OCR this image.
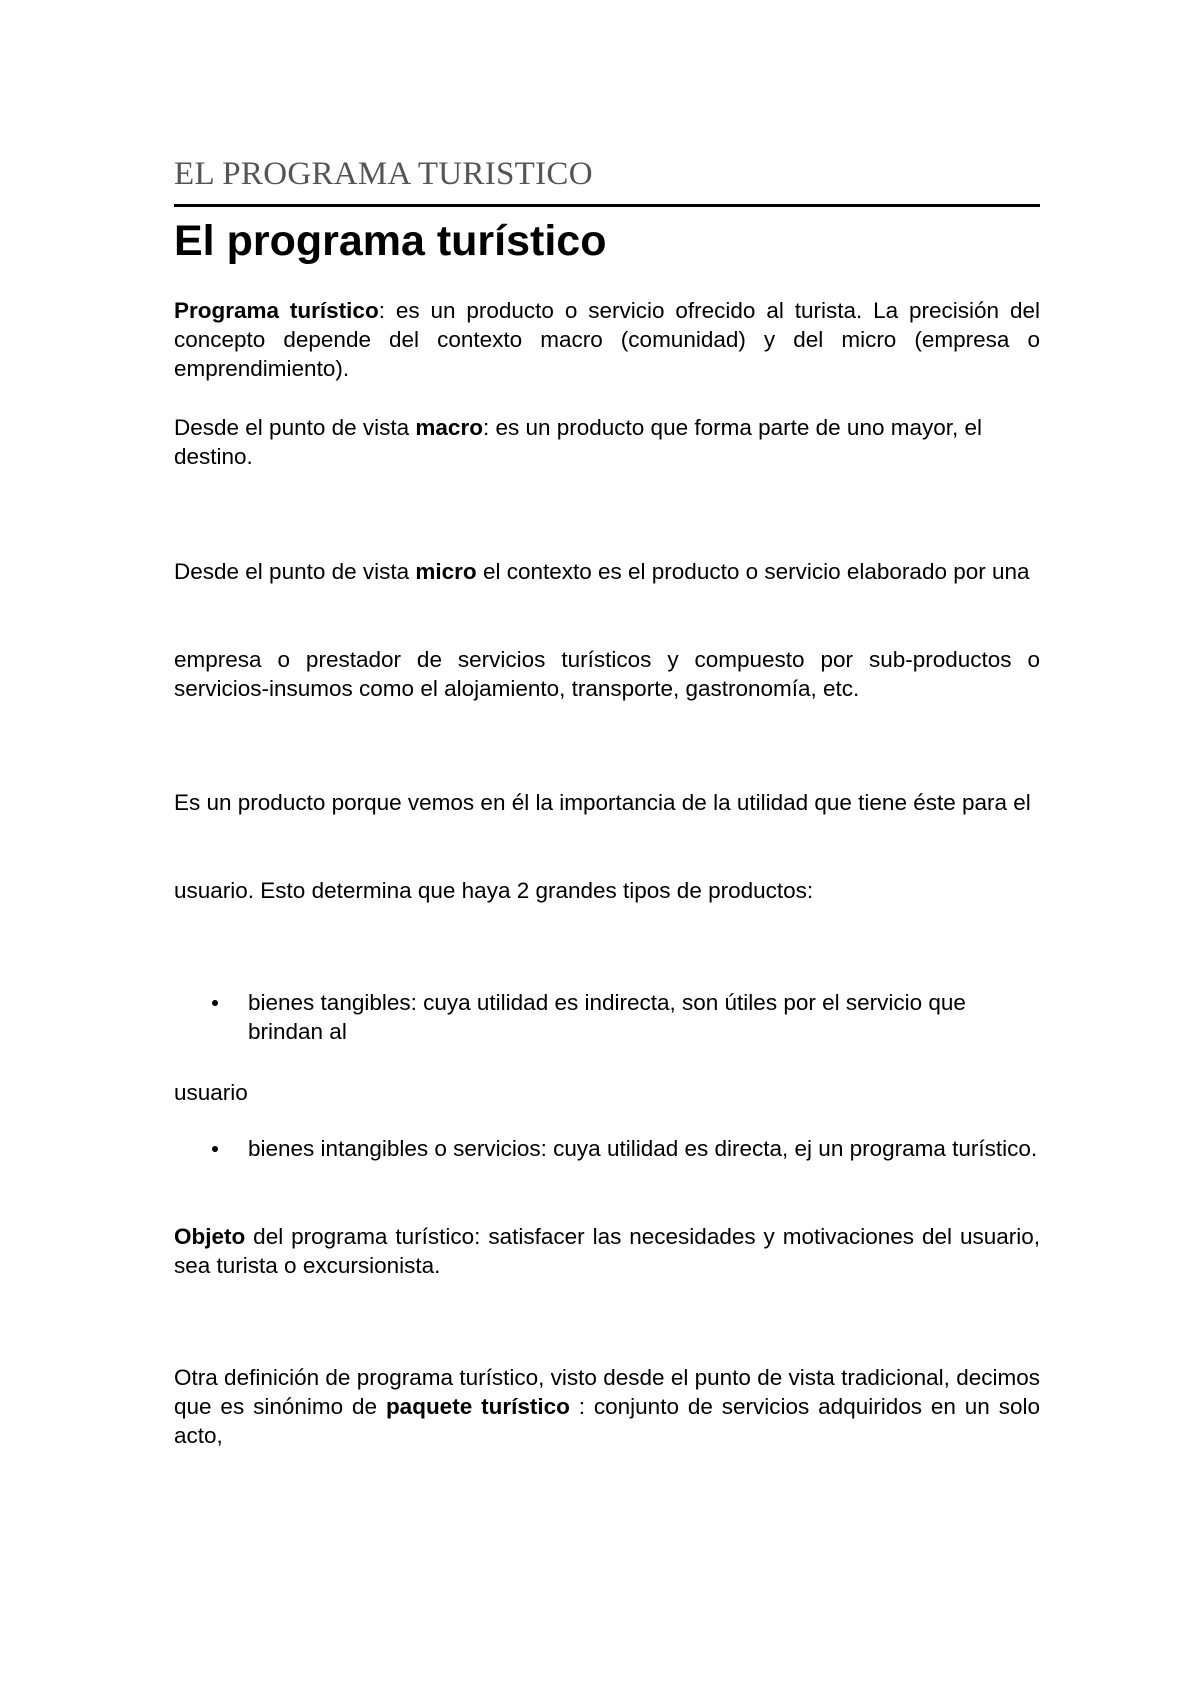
EL PROGRAMA TURISTICO
El programa turístico

Programa turístico: es un producto o servicio ofrecido al turista. La precisión del concepto depende del contexto macro (comunidad) y del micro (empresa o emprendimiento).

Desde el punto de vista macro: es un producto que forma parte de uno mayor, el destino.

Desde el punto de vista micro el contexto es el producto o servicio elaborado por una

empresa o prestador de servicios turísticos y compuesto por sub-productos o servicios-insumos como el alojamiento, transporte, gastronomía, etc.

Es un producto porque vemos en él la importancia de la utilidad que tiene éste para el

usuario. Esto determina que haya 2 grandes tipos de productos:

bienes tangibles: cuya utilidad es indirecta, son útiles por el servicio que brindan al

usuario

bienes intangibles o servicios: cuya utilidad es directa, ej un programa turístico.

Objeto del programa turístico: satisfacer las necesidades y motivaciones del usuario, sea turista o excursionista.

Otra definición de programa turístico, visto desde el punto de vista tradicional, decimos que es sinónimo de paquete turístico : conjunto de servicios adquiridos en un solo acto,
